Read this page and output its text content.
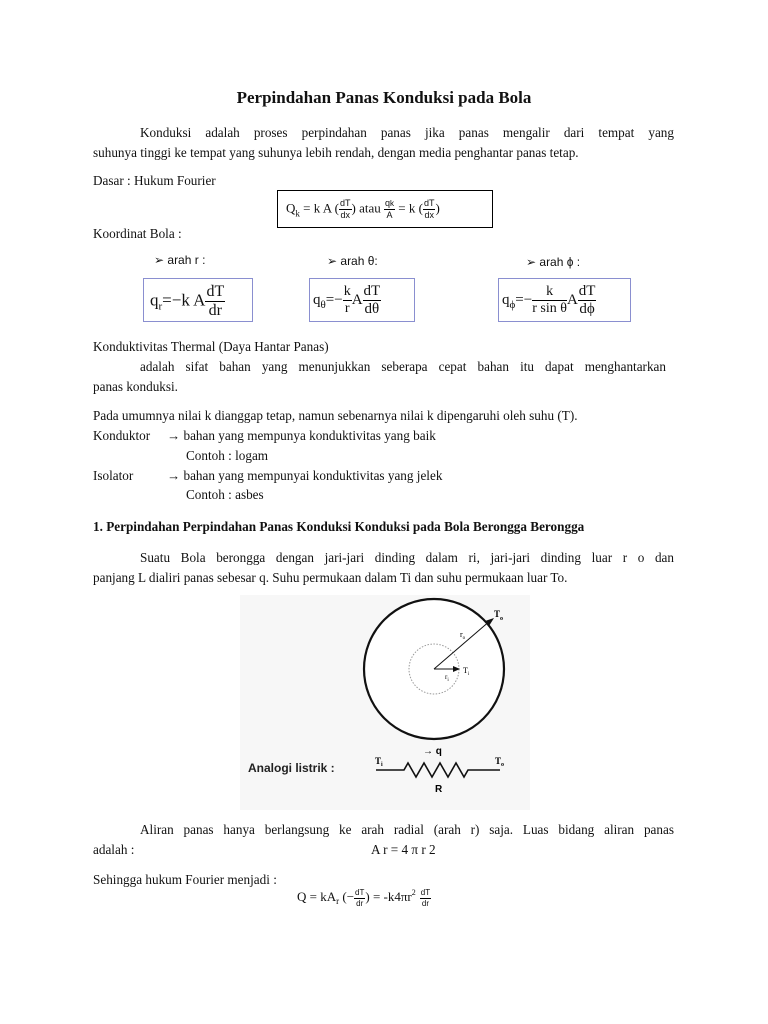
Perpindahan Panas Konduksi pada Bola
Konduksi adalah proses perpindahan panas jika panas mengalir dari tempat yang
suhunya tinggi ke tempat yang suhunya lebih rendah, dengan media penghantar panas tetap.
Dasar : Hukum Fourier
$Q_k = k$ A ( $\frac{dT}{dx}$ ) atau $\frac{qk}{A} = k$ ( $\frac{dT}{dx}$ )
Koordinat Bola :
➢ arah r :	➢ arah θ:	➢ arah ϕ :
$q_r=-k$ A $\frac{dT}{dr}$	$q_\theta=- \frac{k}{r}$ A $\frac{dT}{d\theta}$	$q_\phi=- \frac{k}{\text{r sin θ}}$ A $\frac{dT}{d\phi}$
Konduktivitas Thermal (Daya Hantar Panas)
adalah sifat bahan yang menunjukkan seberapa cepat bahan itu dapat menghantarkan
panas konduksi.
Pada umumnya nilai k dianggap tetap, namun sebenarnya nilai k dipengaruhi oleh suhu (T).
Konduktor → bahan yang mempunya konduktivitas yang baik
Contoh : logam
Isolator	→ bahan yang mempunyai konduktivitas yang jelek
Contoh : asbes
1. Perpindahan Perpindahan Panas Konduksi Konduksi pada Bola Berongga Berongga
Suatu Bola berongga dengan jari-jari dinding dalam ri, jari-jari dinding luar r o dan
panjang L dialiri panas sebesar q. Suhu permukaan dalam Ti dan suhu permukaan luar To.
$T_o$
$r_o$
$T_i$
$r_i$
Analogi listrik :	$T_i$	$T_o$
→ q
R
Aliran panas hanya berlangsung ke arah radial (arah r) saja. Luas bidang aliran panas
adalah :	A r = 4 π r 2
Sehingga hukum Fourier menjadi :
$Q = kA_r$ (− $\frac{dT}{dr}$ ) = $-k4\pi r^2 \frac{dT}{dr}$
